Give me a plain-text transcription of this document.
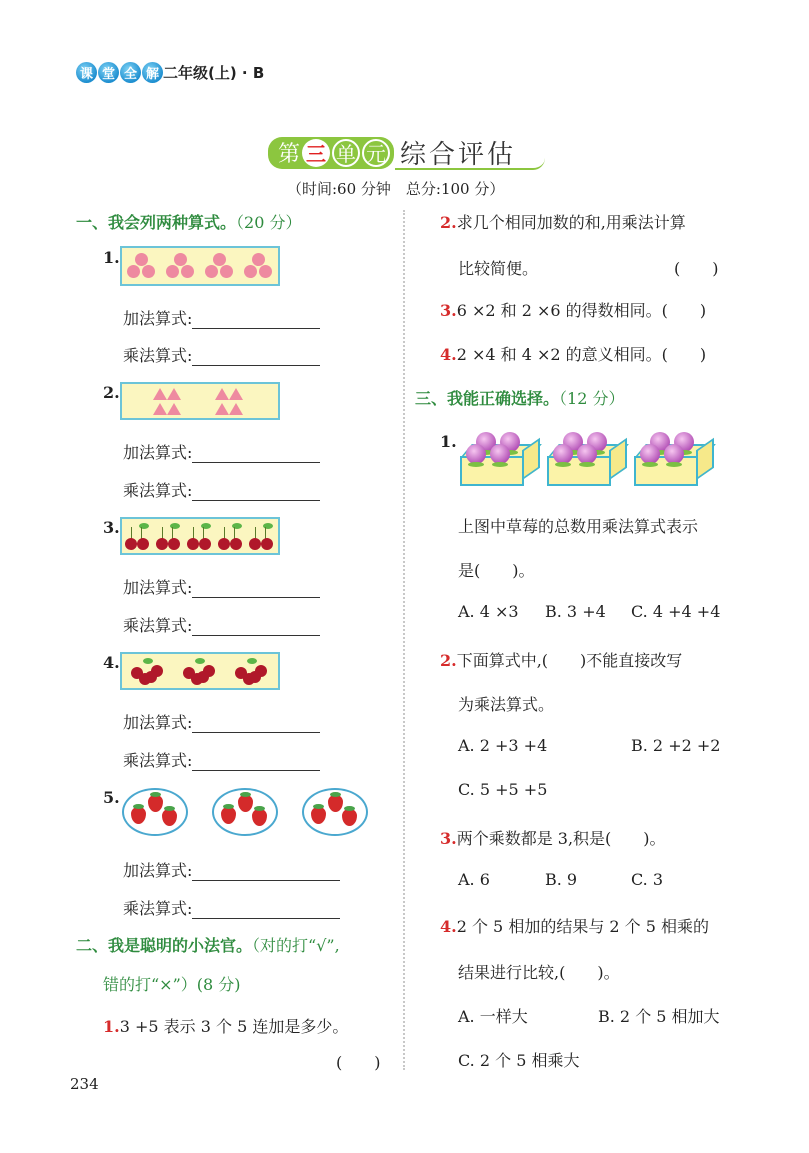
课 堂 全 解 二年级(上) · B
第 三 单 元 综合评估
（时间:60 分钟　总分:100 分）
一、我会列两种算式。（20 分）
1.
加法算式:
乘法算式:
2.
加法算式:
乘法算式:
3.
加法算式:
乘法算式:
4.
加法算式:
乘法算式:
5.
加法算式:
乘法算式:
二、我是聪明的小法官。（对的打“√”,
错的打“×”）(8 分)
1.3 +5 表示 3 个 5 连加是多少。
(　　)
2.求几个相同加数的和,用乘法计算
比较简便。	(　　)
3.6 ×2 和 2 ×6 的得数相同。(　　)
4.2 ×4 和 4 ×2 的意义相同。(　　)
三、我能正确选择。（12 分）
1.
上图中草莓的总数用乘法算式表示
是(　　)。
A. 4 ×3 B. 3 +4 C. 4 +4 +4
2.下面算式中,(　　)不能直接改写
为乘法算式。
A. 2 +3 +4	B. 2 +2 +2
C. 5 +5 +5
3.两个乘数都是 3,积是(　　)。
A. 6	B. 9	C. 3
4.2 个 5 相加的结果与 2 个 5 相乘的
结果进行比较,(　　)。
A. 一样大	B. 2 个 5 相加大
C. 2 个 5 相乘大
234
